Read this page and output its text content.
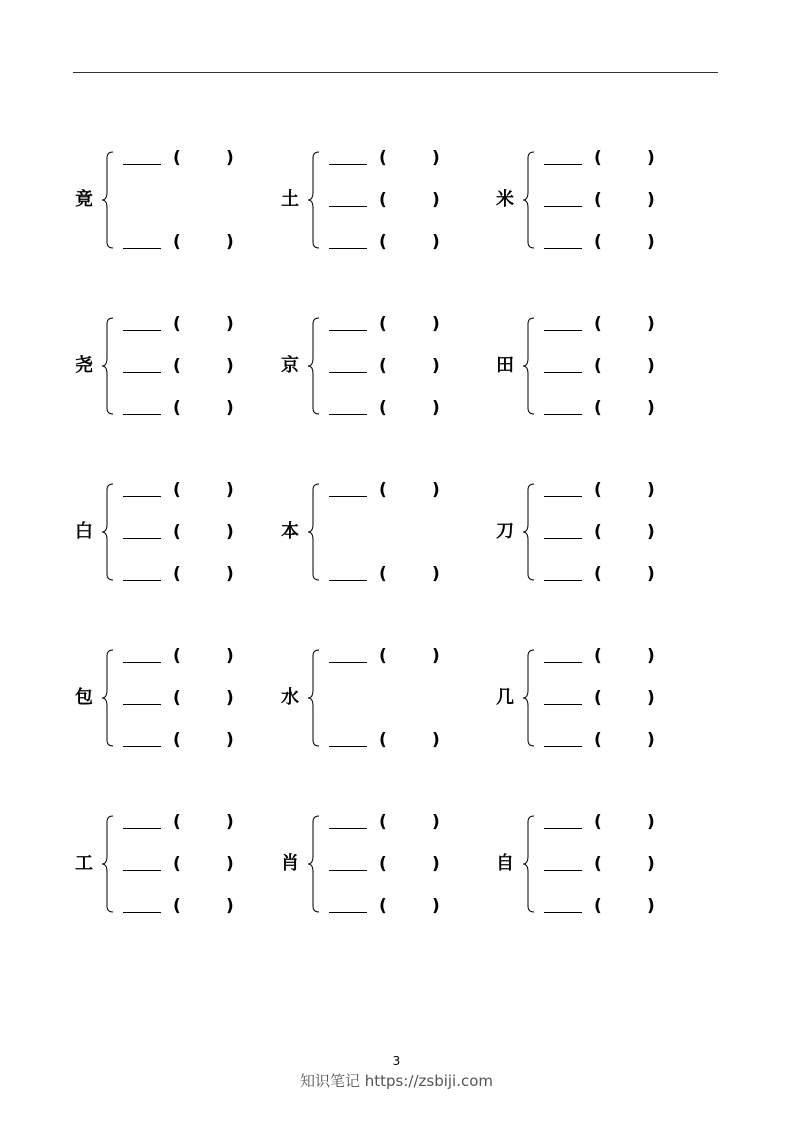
竟
(	)
(	)
土
(	)
(	)
(	)
米
(	)
(	)
(	)
尧
(	)
(	)
(	)
京
(	)
(	)
(	)
田
(	)
(	)
(	)
白
(	)
(	)
(	)
本
(	)
(	)
刀
(	)
(	)
(	)
包
(	)
(	)
(	)
水
(	)
(	)
几
(	)
(	)
(	)
工
(	)
(	)
(	)
肖
(	)
(	)
(	)
自
(	)
(	)
(	)
3
知识笔记 https://zsbiji.com
